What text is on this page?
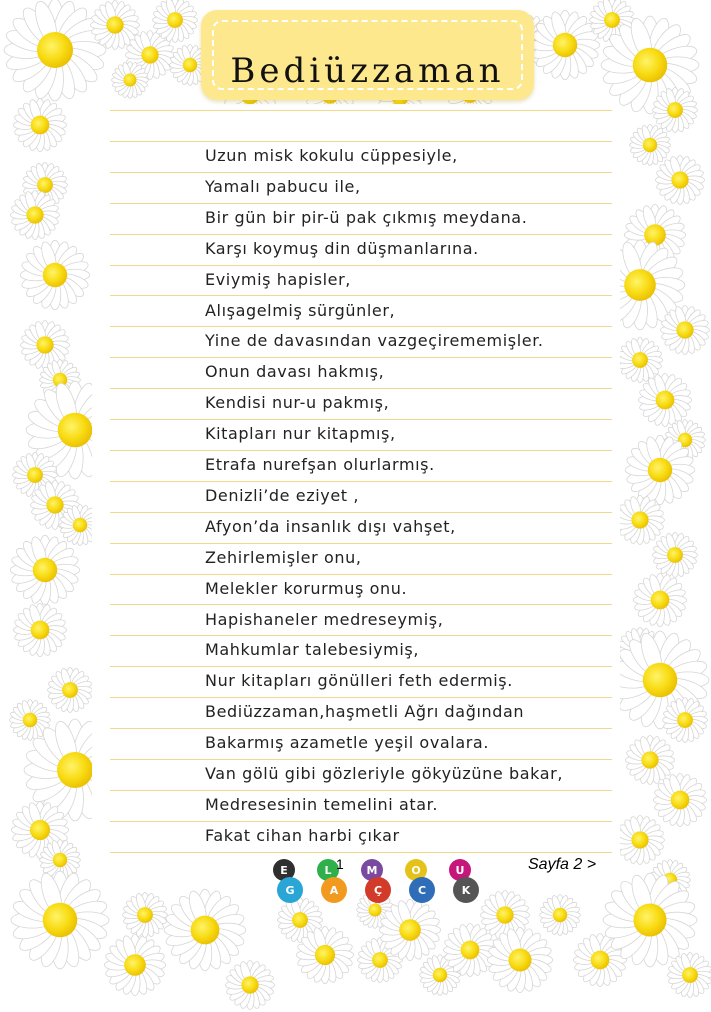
Bediüzzaman
Uzun misk kokulu cüppesiyle,
Yamalı pabucu ile,
Bir gün bir pir-ü pak çıkmış meydana.
Karşı koymuş din düşmanlarına.
Eviymiş hapisler,
Alışagelmiş sürgünler,
Yine de davasından vazgeçirememişler.
Onun davası hakmış,
Kendisi nur-u pakmış,
Kitapları nur kitapmış,
Etrafa nurefşan olurlarmış.
Denizli’de eziyet ,
Afyon’da insanlık dışı vahşet,
Zehirlemişler onu,
Melekler korurmuş onu.
Hapishaneler medreseymiş,
Mahkumlar talebesiymiş,
Nur kitapları gönülleri feth edermiş.
Bediüzzaman,haşmetli Ağrı dağından
Bakarmış azametle yeşil ovalara.
Van gölü gibi gözleriyle gökyüzüne bakar,
Medresesinin temelini atar.
Fakat cihan harbi çıkar
E	L	M	O	U
G	A	Ç	C	K
1	Sayfa 2 >
